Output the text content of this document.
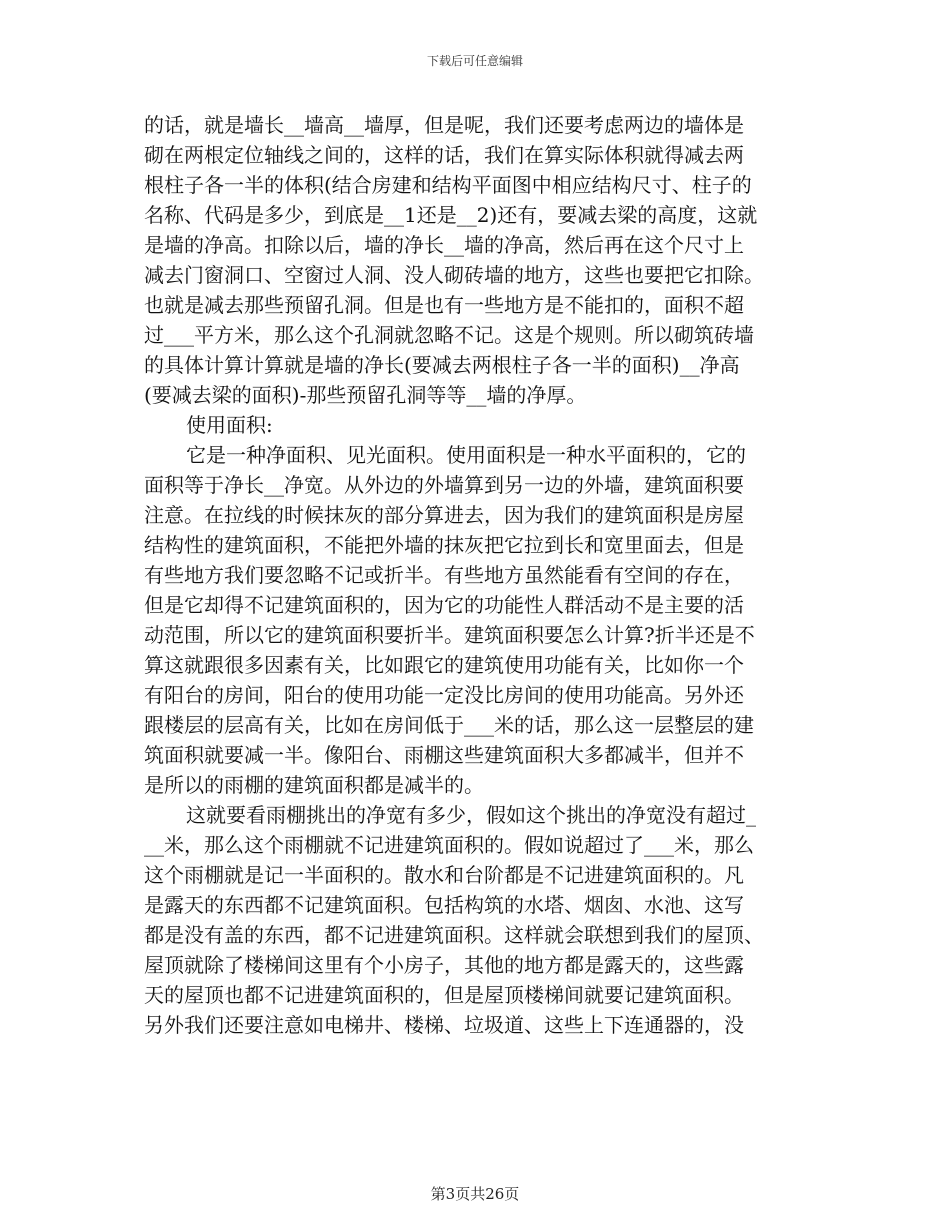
下载后可任意编辑
的话，就是墙长__墙高__墙厚，但是呢，我们还要考虑两边的墙体是
砌在两根定位轴线之间的，这样的话，我们在算实际体积就得减去两
根柱子各一半的体积(结合房建和结构平面图中相应结构尺寸、柱子的
名称、代码是多少，到底是__1还是__2)还有，要减去梁的高度，这就
是墙的净高。扣除以后，墙的净长__墙的净高，然后再在这个尺寸上
减去门窗洞口、空窗过人洞、没人砌砖墙的地方，这些也要把它扣除。
也就是减去那些预留孔洞。但是也有一些地方是不能扣的，面积不超
过___平方米，那么这个孔洞就忽略不记。这是个规则。所以砌筑砖墙
的具体计算计算就是墙的净长(要减去两根柱子各一半的面积)__净高
(要减去梁的面积)-那些预留孔洞等等__墙的净厚。
使用面积:
它是一种净面积、见光面积。使用面积是一种水平面积的，它的
面积等于净长__净宽。从外边的外墙算到另一边的外墙，建筑面积要
注意。在拉线的时候抹灰的部分算进去，因为我们的建筑面积是房屋
结构性的建筑面积，不能把外墙的抹灰把它拉到长和宽里面去，但是
有些地方我们要忽略不记或折半。有些地方虽然能看有空间的存在，
但是它却得不记建筑面积的，因为它的功能性人群活动不是主要的活
动范围，所以它的建筑面积要折半。建筑面积要怎么计算?折半还是不
算这就跟很多因素有关，比如跟它的建筑使用功能有关，比如你一个
有阳台的房间，阳台的使用功能一定没比房间的使用功能高。另外还
跟楼层的层高有关，比如在房间低于___米的话，那么这一层整层的建
筑面积就要减一半。像阳台、雨棚这些建筑面积大多都减半，但并不
是所以的雨棚的建筑面积都是减半的。
这就要看雨棚挑出的净宽有多少，假如这个挑出的净宽没有超过_
__米，那么这个雨棚就不记进建筑面积的。假如说超过了___米，那么
这个雨棚就是记一半面积的。散水和台阶都是不记进建筑面积的。凡
是露天的东西都不记建筑面积。包括构筑的水塔、烟囱、水池、这写
都是没有盖的东西，都不记进建筑面积。这样就会联想到我们的屋顶、
屋顶就除了楼梯间这里有个小房子，其他的地方都是露天的，这些露
天的屋顶也都不记进建筑面积的，但是屋顶楼梯间就要记建筑面积。
另外我们还要注意如电梯井、楼梯、垃圾道、这些上下连通器的，没
第3页共26页
